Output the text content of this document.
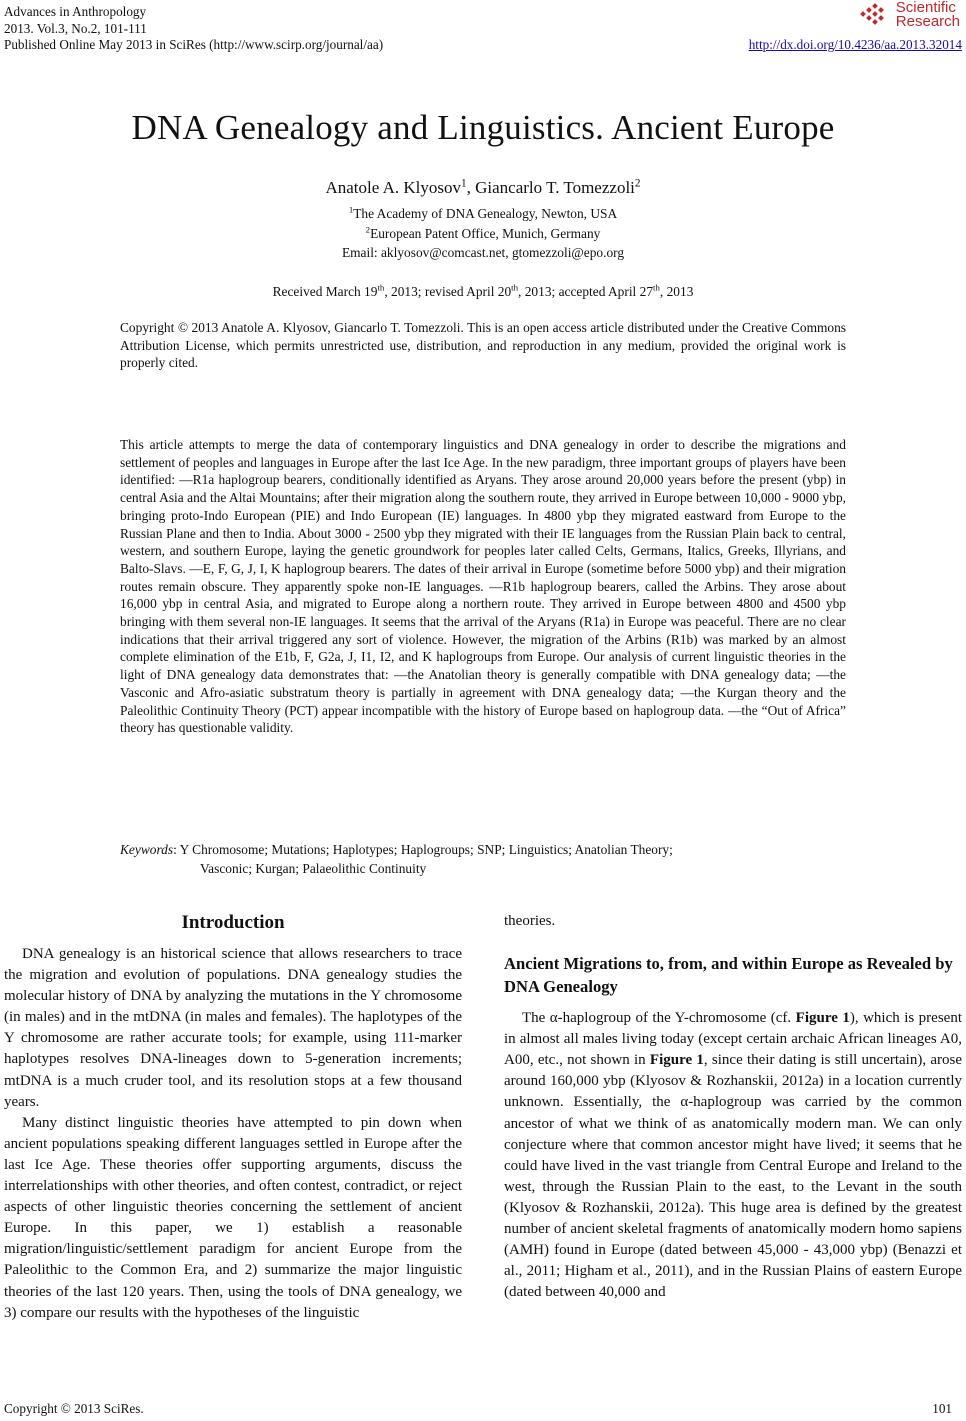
Advances in Anthropology
2013. Vol.3, No.2, 101-111
Published Online May 2013 in SciRes (http://www.scirp.org/journal/aa)
Scientific
Research
http://dx.doi.org/10.4236/aa.2013.32014
DNA Genealogy and Linguistics. Ancient Europe
Anatole A. Klyosov$^1$, Giancarlo T. Tomezzoli$^2$
$^1$The Academy of DNA Genealogy, Newton, USA
$^2$European Patent Office, Munich, Germany
Email: aklyosov@comcast.net, gtomezzoli@epo.org
Received March 19th, 2013; revised April 20th, 2013; accepted April 27th, 2013
Copyright © 2013 Anatole A. Klyosov, Giancarlo T. Tomezzoli. This is an open access article distributed under the Creative Commons Attribution License, which permits unrestricted use, distribution, and reproduction in any medium, provided the original work is properly cited.
This article attempts to merge the data of contemporary linguistics and DNA genealogy in order to describe the migrations and settlement of peoples and languages in Europe after the last Ice Age. In the new paradigm, three important groups of players have been identified: —R1a haplogroup bearers, conditionally identified as Aryans. They arose around 20,000 years before the present (ybp) in central Asia and the Altai Mountains; after their migration along the southern route, they arrived in Europe between 10,000 - 9000 ybp, bringing proto-Indo European (PIE) and Indo European (IE) languages. In 4800 ybp they migrated eastward from Europe to the Russian Plane and then to India. About 3000 - 2500 ybp they migrated with their IE languages from the Russian Plain back to central, western, and southern Europe, laying the genetic groundwork for peoples later called Celts, Germans, Italics, Greeks, Illyrians, and Balto-Slavs. —E, F, G, J, I, K haplogroup bearers. The dates of their arrival in Europe (sometime before 5000 ybp) and their migration routes remain obscure. They apparently spoke non-IE languages. —R1b haplogroup bearers, called the Arbins. They arose about 16,000 ybp in central Asia, and migrated to Europe along a northern route. They arrived in Europe between 4800 and 4500 ybp bringing with them several non-IE languages. It seems that the arrival of the Aryans (R1a) in Europe was peaceful. There are no clear indications that their arrival triggered any sort of violence. However, the migration of the Arbins (R1b) was marked by an almost complete elimination of the E1b, F, G2a, J, I1, I2, and K haplogroups from Europe. Our analysis of current linguistic theories in the light of DNA genealogy data demonstrates that: —the Anatolian theory is generally compatible with DNA genealogy data; —the Vasconic and Afro-asiatic substratum theory is partially in agreement with DNA genealogy data; —the Kurgan theory and the Paleolithic Continuity Theory (PCT) appear incompatible with the history of Europe based on haplogroup data. —the “Out of Africa” theory has questionable validity.
Keywords: Y Chromosome; Mutations; Haplotypes; Haplogroups; SNP; Linguistics; Anatolian Theory;
Vasconic; Kurgan; Palaeolithic Continuity
Introduction

DNA genealogy is an historical science that allows researchers to trace the migration and evolution of populations. DNA genealogy studies the molecular history of DNA by analyzing the mutations in the Y chromosome (in males) and in the mtDNA (in males and females). The haplotypes of the Y chromosome are rather accurate tools; for example, using 111-marker haplotypes resolves DNA-lineages down to 5-generation increments; mtDNA is a much cruder tool, and its resolution stops at a few thousand years.

Many distinct linguistic theories have attempted to pin down when ancient populations speaking different languages settled in Europe after the last Ice Age. These theories offer supporting arguments, discuss the interrelationships with other theories, and often contest, contradict, or reject aspects of other linguistic theories concerning the settlement of ancient Europe. In this paper, we 1) establish a reasonable migration/linguistic/settlement paradigm for ancient Europe from the Paleolithic to the Common Era, and 2) summarize the major linguistic theories of the last 120 years. Then, using the tools of DNA genealogy, we 3) compare our results with the hypotheses of the linguistic

theories.

Ancient Migrations to, from, and within Europe as Revealed by DNA Genealogy

The α-haplogroup of the Y-chromosome (cf. Figure 1), which is present in almost all males living today (except certain archaic African lineages A0, A00, etc., not shown in Figure 1, since their dating is still uncertain), arose around 160,000 ybp (Klyosov & Rozhanskii, 2012a) in a location currently unknown. Essentially, the α-haplogroup was carried by the common ancestor of what we think of as anatomically modern man. We can only conjecture where that common ancestor might have lived; it seems that he could have lived in the vast triangle from Central Europe and Ireland to the west, through the Russian Plain to the east, to the Levant in the south (Klyosov & Rozhanskii, 2012a). This huge area is defined by the greatest number of ancient skeletal fragments of anatomically modern homo sapiens (AMH) found in Europe (dated between 45,000 - 43,000 ybp) (Benazzi et al., 2011; Higham et al., 2011), and in the Russian Plains of eastern Europe (dated between 40,000 and

Copyright © 2013 SciRes.	101
